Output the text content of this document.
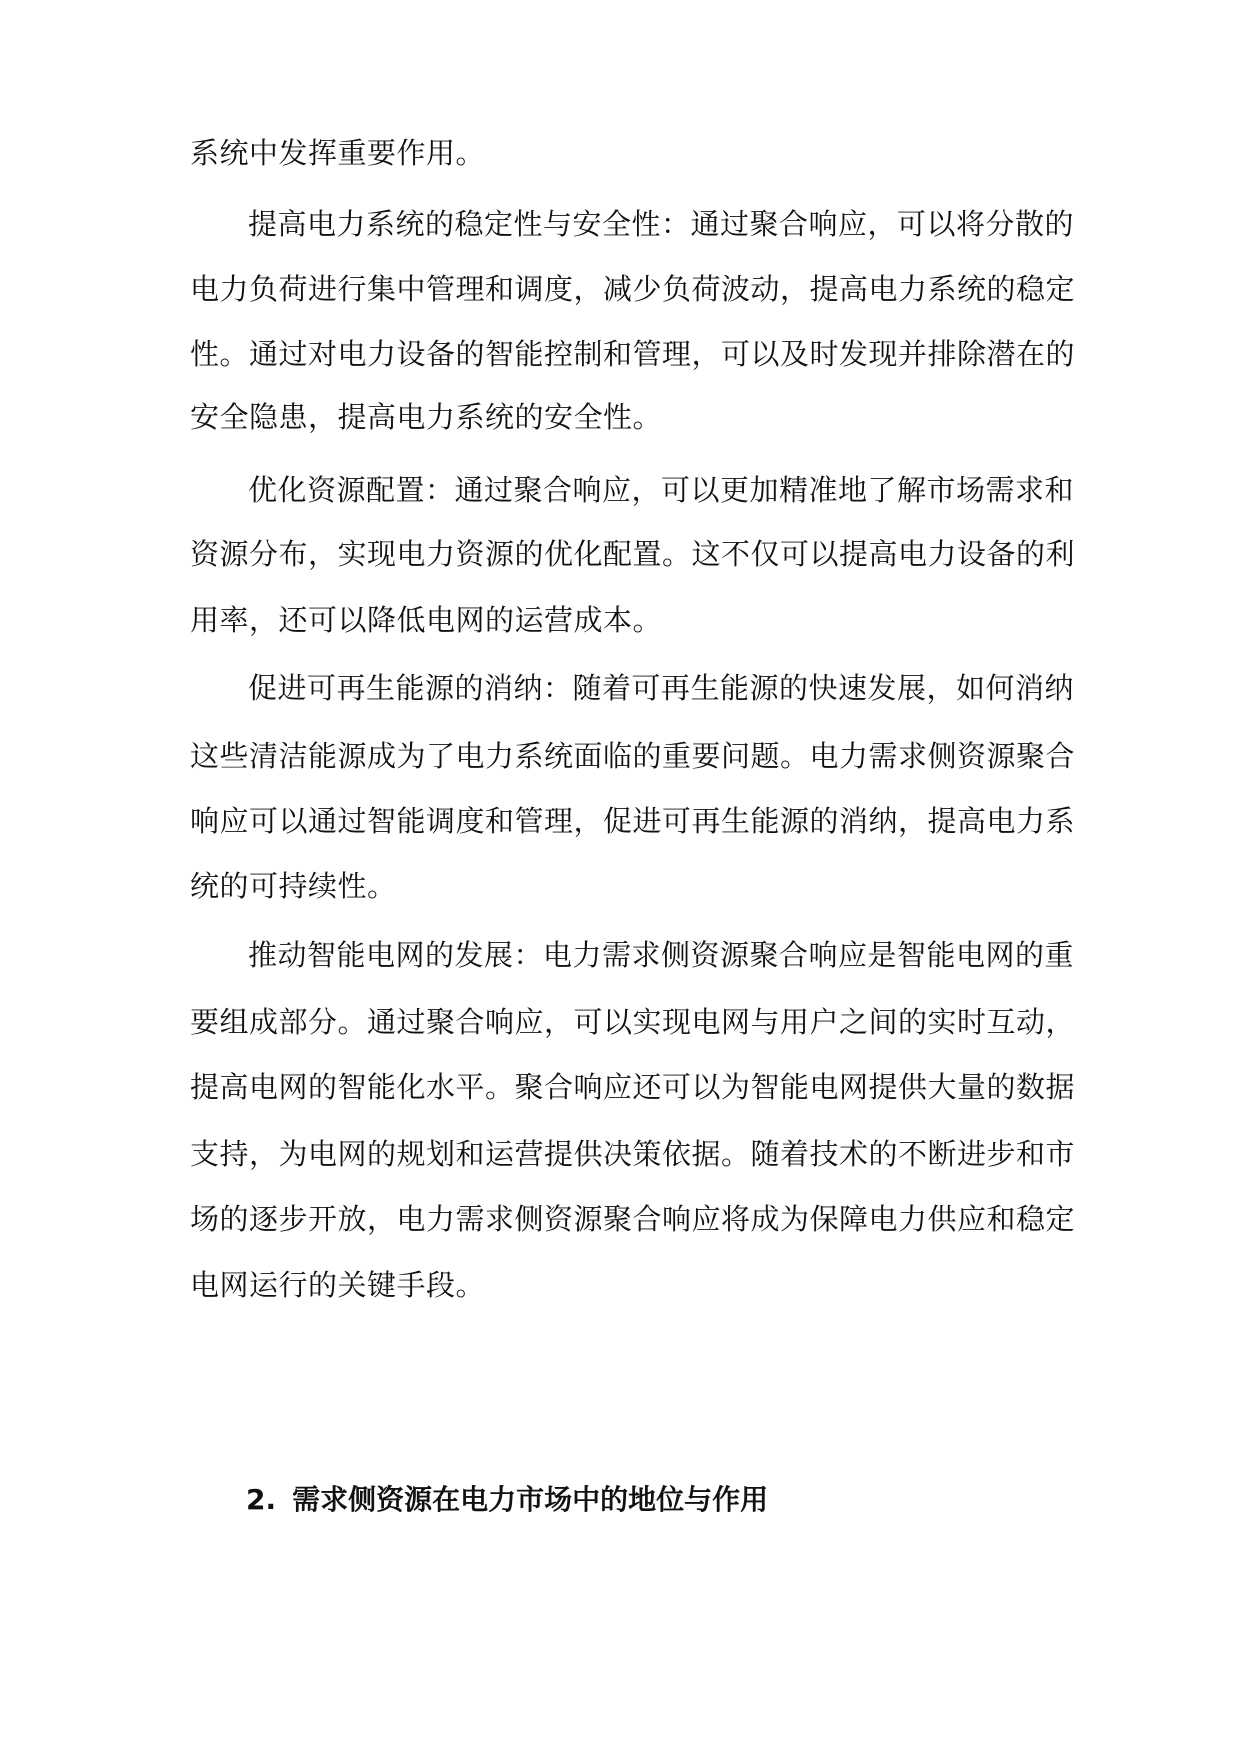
系统中发挥重要作用。
提高电力系统的稳定性与安全性：通过聚合响应，可以将分散的
电力负荷进行集中管理和调度，减少负荷波动，提高电力系统的稳定
性。通过对电力设备的智能控制和管理，可以及时发现并排除潜在的
安全隐患，提高电力系统的安全性。
优化资源配置：通过聚合响应，可以更加精准地了解市场需求和
资源分布，实现电力资源的优化配置。这不仅可以提高电力设备的利
用率，还可以降低电网的运营成本。
促进可再生能源的消纳：随着可再生能源的快速发展，如何消纳
这些清洁能源成为了电力系统面临的重要问题。电力需求侧资源聚合
响应可以通过智能调度和管理，促进可再生能源的消纳，提高电力系
统的可持续性。
推动智能电网的发展：电力需求侧资源聚合响应是智能电网的重
要组成部分。通过聚合响应，可以实现电网与用户之间的实时互动，
提高电网的智能化水平。聚合响应还可以为智能电网提供大量的数据
支持，为电网的规划和运营提供决策依据。随着技术的不断进步和市
场的逐步开放，电力需求侧资源聚合响应将成为保障电力供应和稳定
电网运行的关键手段。
2. 需求侧资源在电力市场中的地位与作用
